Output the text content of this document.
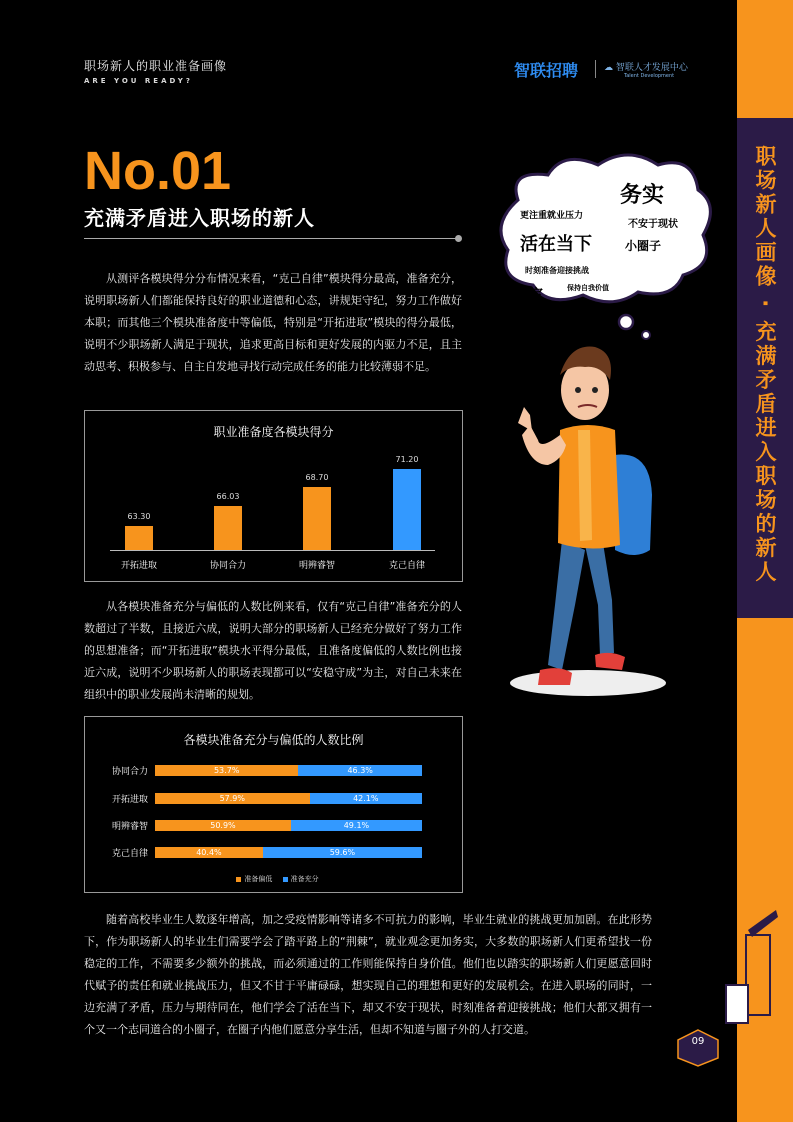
职场新人画像 · 充满矛盾进入职场的新人
职场新人的职业准备画像
ARE YOU READY?
智联招聘	☁ 智联人才发展中心
Talent Development
No.01
充满矛盾进入职场的新人
从测评各模块得分分布情况来看，“克己自律”模块得分最高，准备充分，说明职场新人们都能保持良好的职业道德和心态，讲规矩守纪，努力工作做好本职；而其他三个模块准备度中等偏低，特别是“开拓进取”模块的得分最低，说明不少职场新人满足于现状，追求更高目标和更好发展的内驱力不足，且主动思考、积极参与、自主自发地寻找行动完成任务的能力比较薄弱不足。
职业准备度各模块得分
63.30
开拓进取
66.03
协同合力
68.70
明辨睿智
71.20
克己自律
从各模块准备充分与偏低的人数比例来看，仅有“克己自律”准备充分的人数超过了半数，且接近六成，说明大部分的职场新人已经充分做好了努力工作的思想准备；而“开拓进取”模块水平得分最低，且准备度偏低的人数比例也接近六成，说明不少职场新人的职场表现都可以“安稳守成”为主，对自己未来在组织中的职业发展尚未清晰的规划。
各模块准备充分与偏低的人数比例
协同合力	53.7%	46.3%
开拓进取	57.9%	42.1%
明辨睿智	50.9%	49.1%
克己自律	40.4%	59.6%
准备偏低	准备充分
随着高校毕业生人数逐年增高，加之受疫情影响等诸多不可抗力的影响，毕业生就业的挑战更加加剧。在此形势下，作为职场新人的毕业生们需要学会了踏平路上的“荆棘”，就业观念更加务实，大多数的职场新人们更希望找一份稳定的工作，不需要多少额外的挑战，而必须通过的工作则能保持自身价值。他们也以踏实的职场新人们更愿意回时代赋予的责任和就业挑战压力，但又不甘于平庸碌碌，想实现自己的理想和更好的发展机会。在进入职场的同时，一边充满了矛盾，压力与期待同在，他们学会了活在当下，却又不安于现状，时刻准备着迎接挑战；他们大都又拥有一个又一个志同道合的小圈子，在圈子内他们愿意分享生活，但却不知道与圈子外的人打交道。
务实
更注重就业压力
不安于现状
活在当下	小圈子
时刻准备迎接挑战
稳定	保持自我价值
09
